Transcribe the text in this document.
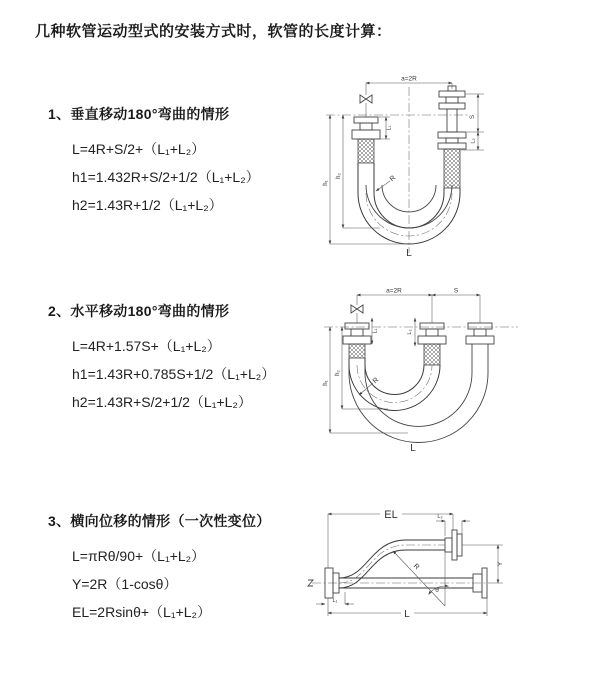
几种软管运动型式的安装方式时，软管的长度计算：
1、垂直移动180°弯曲的情形
L=4R+S/2+（L₁+L₂）
h1=1.432R+S/2+1/2（L₁+L₂）
h2=1.43R+1/2（L₁+L₂）
2、水平移动180°弯曲的情形
L=4R+1.57S+（L₁+L₂）
h1=1.43R+0.785S+1/2（L₁+L₂）
h2=1.43R+S/2+1/2（L₁+L₂）
3、横向位移的情形（一次性变位）
L=πRθ/90+（L₁+L₂）
Y=2R（1-cosθ）
EL=2Rsinθ+（L₁+L₂）
a=2R
S
L₂
L₁
h₁
h₂	R
L
a=2R	S
L₁	L₂
h₁
h₂
R
L
EL	L₂
R
θ
Y
L₁
L
